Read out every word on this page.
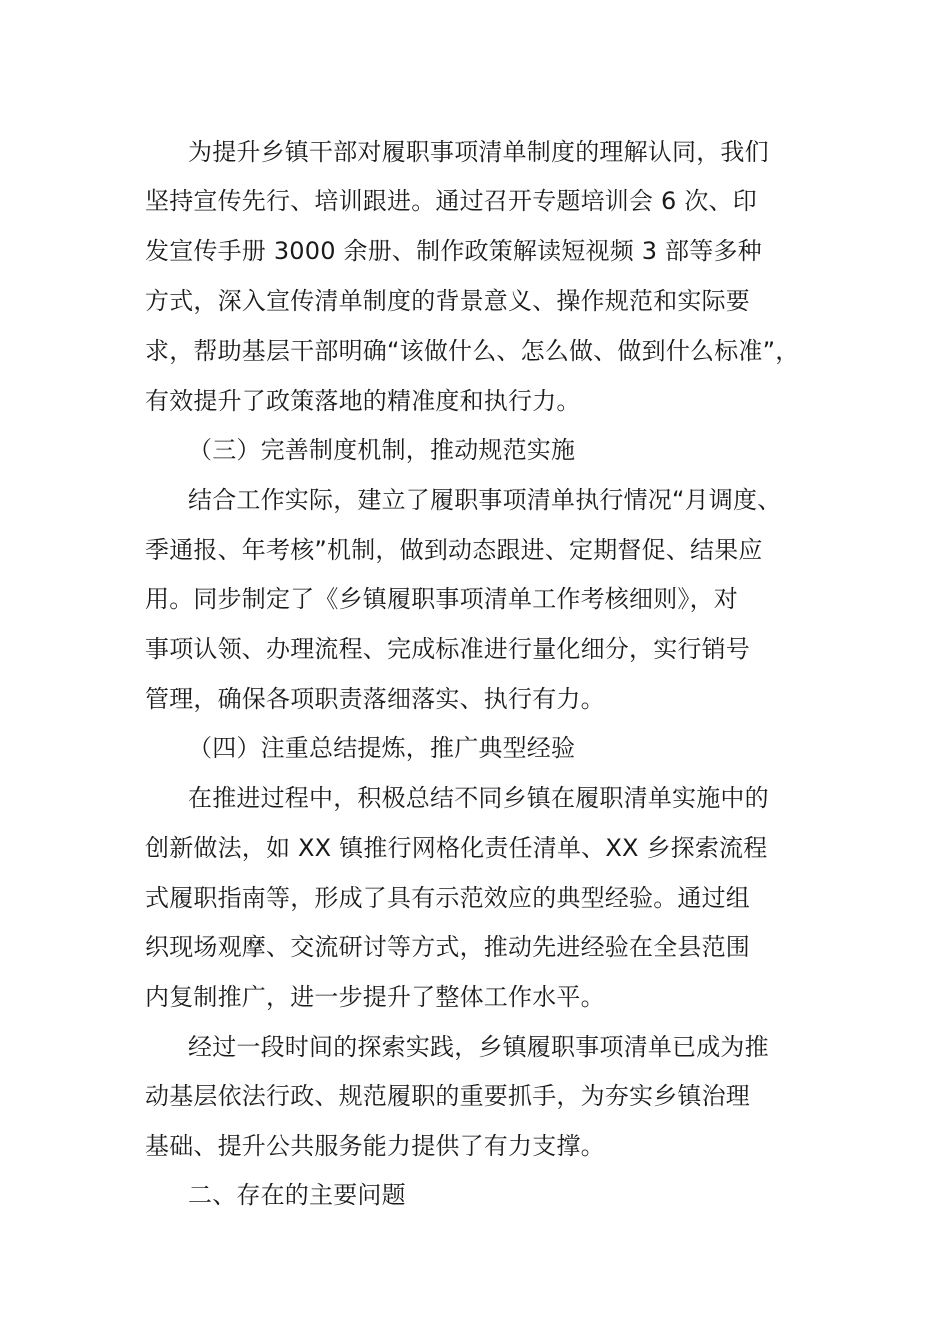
为提升乡镇干部对履职事项清单制度的理解认同，我们
坚持宣传先行、培训跟进。通过召开专题培训会 6 次、印
发宣传手册 3000 余册、制作政策解读短视频 3 部等多种
方式，深入宣传清单制度的背景意义、操作规范和实际要
求，帮助基层干部明确“该做什么、怎么做、做到什么标准”，
有效提升了政策落地的精准度和执行力。
（三）完善制度机制，推动规范实施
结合工作实际，建立了履职事项清单执行情况“月调度、
季通报、年考核”机制，做到动态跟进、定期督促、结果应
用。同步制定了《乡镇履职事项清单工作考核细则》，对
事项认领、办理流程、完成标准进行量化细分，实行销号
管理，确保各项职责落细落实、执行有力。
（四）注重总结提炼，推广典型经验
在推进过程中，积极总结不同乡镇在履职清单实施中的
创新做法，如 XX 镇推行网格化责任清单、XX 乡探索流程
式履职指南等，形成了具有示范效应的典型经验。通过组
织现场观摩、交流研讨等方式，推动先进经验在全县范围
内复制推广，进一步提升了整体工作水平。
经过一段时间的探索实践，乡镇履职事项清单已成为推
动基层依法行政、规范履职的重要抓手，为夯实乡镇治理
基础、提升公共服务能力提供了有力支撑。
二、存在的主要问题
